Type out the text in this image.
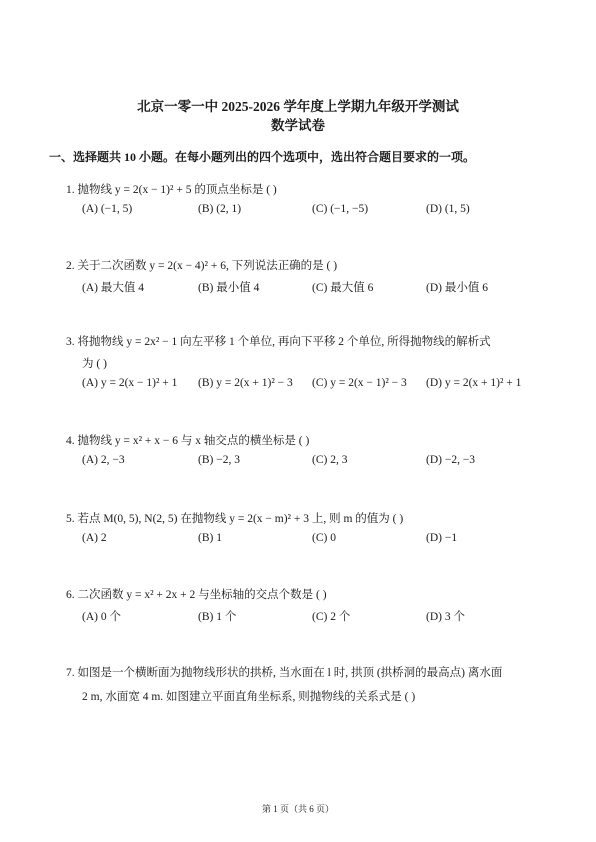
北京一零一中 2025-2026 学年度上学期九年级开学测试
数学试卷
一、选择题共 10 小题。在每小题列出的四个选项中，选出符合题目要求的一项。
1. 抛物线 y = 2(x − 1)² + 5 的顶点坐标是 ( )
(A) (−1, 5)	(B) (2, 1)	(C) (−1, −5)	(D) (1, 5)
2. 关于二次函数 y = 2(x − 4)² + 6, 下列说法正确的是 ( )
(A) 最大值 4	(B) 最小值 4	(C) 最大值 6	(D) 最小值 6
3. 将抛物线 y = 2x² − 1 向左平移 1 个单位, 再向下平移 2 个单位, 所得抛物线的解析式
为 ( )
(A) y = 2(x − 1)² + 1 (B) y = 2(x + 1)² − 3 (C) y = 2(x − 1)² − 3 (D) y = 2(x + 1)² + 1
4. 抛物线 y = x² + x − 6 与 x 轴交点的横坐标是 ( )
(A) 2, −3	(B) −2, 3	(C) 2, 3	(D) −2, −3
5. 若点 M(0, 5), N(2, 5) 在抛物线 y = 2(x − m)² + 3 上, 则 m 的值为 ( )
(A) 2	(B) 1	(C) 0	(D) −1
6. 二次函数 y = x² + 2x + 2 与坐标轴的交点个数是 ( )
(A) 0 个	(B) 1 个	(C) 2 个	(D) 3 个
7. 如图是一个横断面为抛物线形状的拱桥, 当水面在 l 时, 拱顶 (拱桥洞的最高点) 离水面
2 m, 水面宽 4 m. 如图建立平面直角坐标系, 则抛物线的关系式是 ( )
第 1 页（共 6 页）
